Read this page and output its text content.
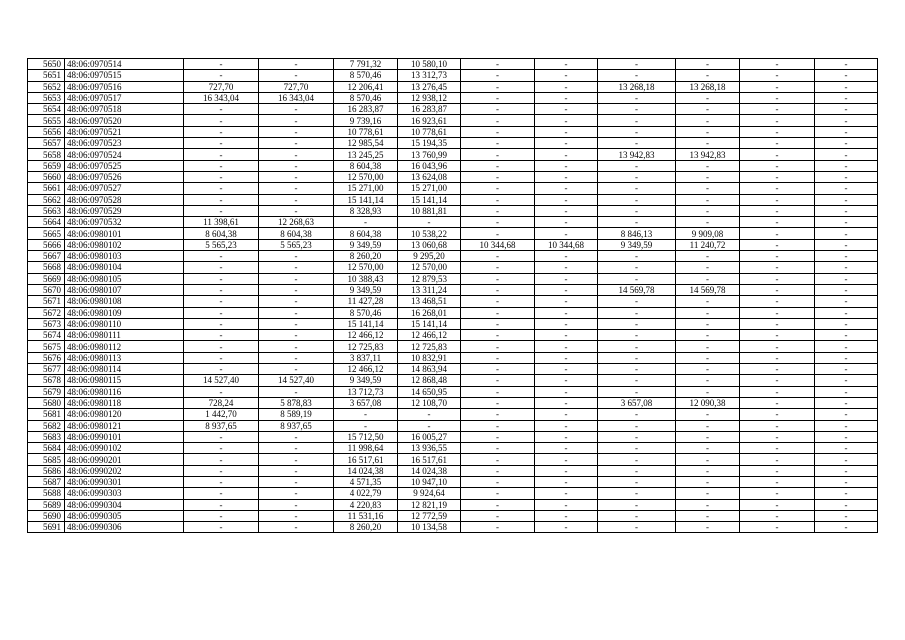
5650	48:06:0970514	-	-	7 791,32	10 580,10	-	-	-	-	-	-
5651	48:06:0970515	-	-	8 570,46	13 312,73	-	-	-	-	-	-
5652	48:06:0970516	727,70	727,70	12 206,41	13 276,45	-	-	13 268,18	13 268,18	-	-
5653	48:06:0970517	16 343,04	16 343,04	8 570,46	12 938,12	-	-	-	-	-	-
5654	48:06:0970518	-	-	16 283,87	16 283,87	-	-	-	-	-	-
5655	48:06:0970520	-	-	9 739,16	16 923,61	-	-	-	-	-	-
5656	48:06:0970521	-	-	10 778,61	10 778,61	-	-	-	-	-	-
5657	48:06:0970523	-	-	12 985,54	15 194,35	-	-	-	-	-	-
5658	48:06:0970524	-	-	13 245,25	13 760,99	-	-	13 942,83	13 942,83	-	-
5659	48:06:0970525	-	-	8 604,38	16 043,96	-	-	-	-	-	-
5660	48:06:0970526	-	-	12 570,00	13 624,08	-	-	-	-	-	-
5661	48:06:0970527	-	-	15 271,00	15 271,00	-	-	-	-	-	-
5662	48:06:0970528	-	-	15 141,14	15 141,14	-	-	-	-	-	-
5663	48:06:0970529	-	-	8 328,93	10 881,81	-	-	-	-	-	-
5664	48:06:0970532	11 398,61	12 268,63	-	-	-	-	-	-	-	-
5665	48:06:0980101	8 604,38	8 604,38	8 604,38	10 538,22	-	-	8 846,13	9 909,08	-	-
5666	48:06:0980102	5 565,23	5 565,23	9 349,59	13 060,68	10 344,68	10 344,68	9 349,59	11 240,72	-	-
5667	48:06:0980103	-	-	8 260,20	9 295,20	-	-	-	-	-	-
5668	48:06:0980104	-	-	12 570,00	12 570,00	-	-	-	-	-	-
5669	48:06:0980105	-	-	10 388,43	12 879,53	-	-	-	-	-	-
5670	48:06:0980107	-	-	9 349,59	13 311,24	-	-	14 569,78	14 569,78	-	-
5671	48:06:0980108	-	-	11 427,28	13 468,51	-	-	-	-	-	-
5672	48:06:0980109	-	-	8 570,46	16 268,01	-	-	-	-	-	-
5673	48:06:0980110	-	-	15 141,14	15 141,14	-	-	-	-	-	-
5674	48:06:0980111	-	-	12 466,12	12 466,12	-	-	-	-	-	-
5675	48:06:0980112	-	-	12 725,83	12 725,83	-	-	-	-	-	-
5676	48:06:0980113	-	-	3 837,11	10 832,91	-	-	-	-	-	-
5677	48:06:0980114	-	-	12 466,12	14 863,94	-	-	-	-	-	-
5678	48:06:0980115	14 527,40	14 527,40	9 349,59	12 868,48	-	-	-	-	-	-
5679	48:06:0980116	-	-	13 712,73	14 650,95	-	-	-	-	-	-
5680	48:06:0980118	728,24	5 878,83	3 657,08	12 108,70	-	-	3 657,08	12 090,38	-	-
5681	48:06:0980120	1 442,70	8 589,19	-	-	-	-	-	-	-	-
5682	48:06:0980121	8 937,65	8 937,65	-	-	-	-	-	-	-	-
5683	48:06:0990101	-	-	15 712,50	16 005,27	-	-	-	-	-	-
5684	48:06:0990102	-	-	11 998,64	13 936,55	-	-	-	-	-	-
5685	48:06:0990201	-	-	16 517,61	16 517,61	-	-	-	-	-	-
5686	48:06:0990202	-	-	14 024,38	14 024,38	-	-	-	-	-	-
5687	48:06:0990301	-	-	4 571,35	10 947,10	-	-	-	-	-	-
5688	48:06:0990303	-	-	4 022,79	9 924,64	-	-	-	-	-	-
5689	48:06:0990304	-	-	4 220,83	12 821,19	-	-	-	-	-	-
5690	48:06:0990305	-	-	11 531,16	12 772,59	-	-	-	-	-	-
5691	48:06:0990306	-	-	8 260,20	10 134,58	-	-	-	-	-	-
